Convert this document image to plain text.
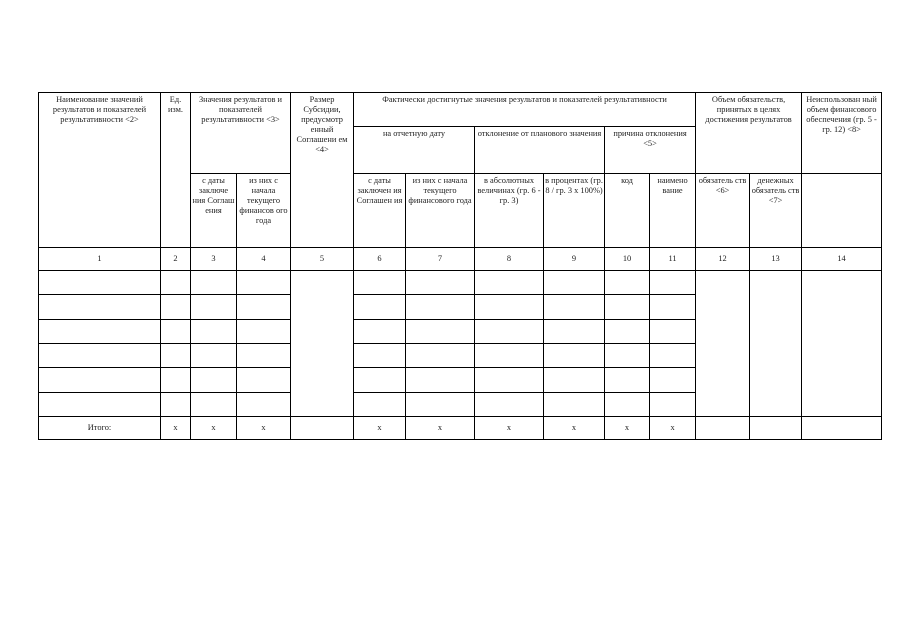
Наименование значений результатов и показателей результативности <2>	Ед. изм.	Значения результатов и показателей результативности <3>		Размер Субсидии, предусмотр енный Соглашени ем <4>	Фактически достигнутые значения результатов и показателей результативности						Объем обязательств, принятых в целях достижения результатов		Неиспользован ный объем финансового обеспечения (гр. 5 - гр. 12) <8>
					на отчетную дату		отклонение от планового значения		причина отклонения <5>				
		с даты заключе ния Соглаш ения	из них с начала текущего финансов ого года		с даты заключен ия Соглашен ия	из них с начала текущего финансового года	в абсолютных величинах (гр. 6 - гр. 3)	в процентах (гр. 8 / гр. 3 x 100%)	код	наимено вание	обязатель ств <6>	денежных обязатель ств <7>	
1	2	3	4	5	6	7	8	9	10	11	12	13	14

Итого:	x	x	x		x	x	x	x	x	x			
